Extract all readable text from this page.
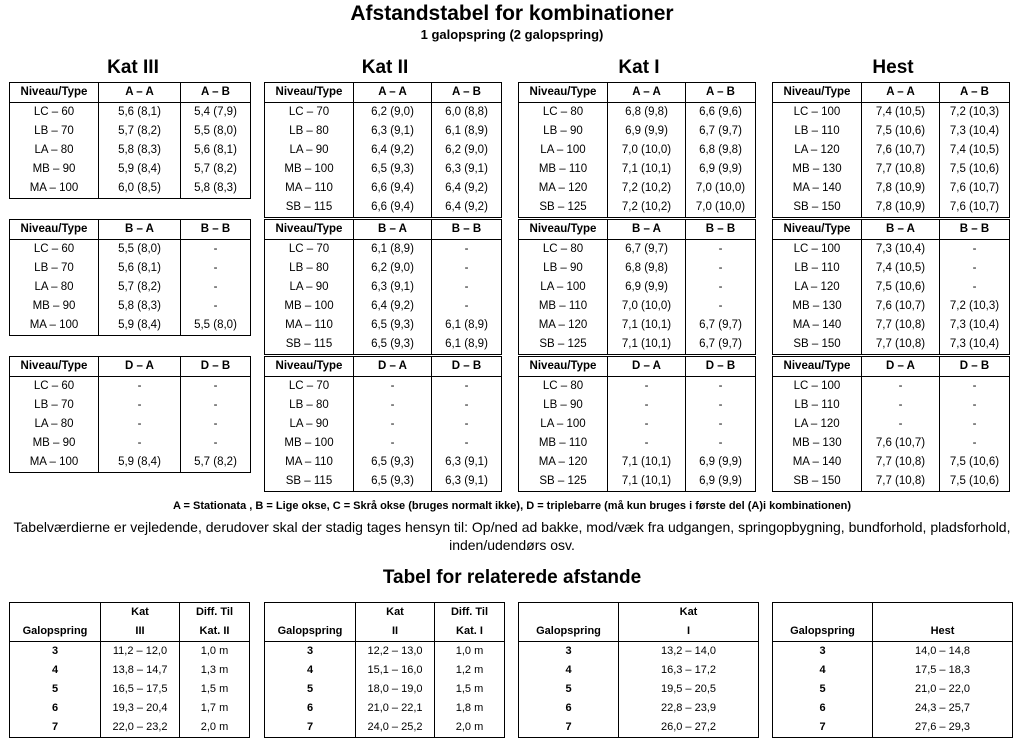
Afstandstabel for kombinationer
1 galopspring (2 galopspring)
Kat III	Kat II	Kat I	Hest
Niveau/Type	A – A	A – B
LC – 60	5,6 (8,1)	5,4 (7,9)
LB – 70	5,7 (8,2)	5,5 (8,0)
LA – 80	5,8 (8,3)	5,6 (8,1)
MB – 90	5,9 (8,4)	5,7 (8,2)
MA – 100	6,0 (8,5)	5,8 (8,3)
Niveau/Type	B – A	B – B
LC – 60	5,5 (8,0)	-
LB – 70	5,6 (8,1)	-
LA – 80	5,7 (8,2)	-
MB – 90	5,8 (8,3)	-
MA – 100	5,9 (8,4)	5,5 (8,0)
Niveau/Type	D – A	D – B
LC – 60	-	-
LB – 70	-	-
LA – 80	-	-
MB – 90	-	-
MA – 100	5,9 (8,4)	5,7 (8,2)
Niveau/Type	A – A	A – B
LC – 70	6,2 (9,0)	6,0 (8,8)
LB – 80	6,3 (9,1)	6,1 (8,9)
LA – 90	6,4 (9,2)	6,2 (9,0)
MB – 100	6,5 (9,3)	6,3 (9,1)
MA – 110	6,6 (9,4)	6,4 (9,2)
SB – 115	6,6 (9,4)	6,4 (9,2)
Niveau/Type	B – A	B – B
LC – 70	6,1 (8,9)	-
LB – 80	6,2 (9,0)	-
LA – 90	6,3 (9,1)	-
MB – 100	6,4 (9,2)	-
MA – 110	6,5 (9,3)	6,1 (8,9)
SB – 115	6,5 (9,3)	6,1 (8,9)
Niveau/Type	D – A	D – B
LC – 70	-	-
LB – 80	-	-
LA – 90	-	-
MB – 100	-	-
MA – 110	6,5 (9,3)	6,3 (9,1)
SB – 115	6,5 (9,3)	6,3 (9,1)
Niveau/Type	A – A	A – B
LC – 80	6,8 (9,8)	6,6 (9,6)
LB – 90	6,9 (9,9)	6,7 (9,7)
LA – 100	7,0 (10,0)	6,8 (9,8)
MB – 110	7,1 (10,1)	6,9 (9,9)
MA – 120	7,2 (10,2)	7,0 (10,0)
SB – 125	7,2 (10,2)	7,0 (10,0)
Niveau/Type	B – A	B – B
LC – 80	6,7 (9,7)	-
LB – 90	6,8 (9,8)	-
LA – 100	6,9 (9,9)	-
MB – 110	7,0 (10,0)	-
MA – 120	7,1 (10,1)	6,7 (9,7)
SB – 125	7,1 (10,1)	6,7 (9,7)
Niveau/Type	D – A	D – B
LC – 80	-	-
LB – 90	-	-
LA – 100	-	-
MB – 110	-	-
MA – 120	7,1 (10,1)	6,9 (9,9)
SB – 125	7,1 (10,1)	6,9 (9,9)
Niveau/Type	A – A	A – B
LC – 100	7,4 (10,5)	7,2 (10,3)
LB – 110	7,5 (10,6)	7,3 (10,4)
LA – 120	7,6 (10,7)	7,4 (10,5)
MB – 130	7,7 (10,8)	7,5 (10,6)
MA – 140	7,8 (10,9)	7,6 (10,7)
SB – 150	7,8 (10,9)	7,6 (10,7)
Niveau/Type	B – A	B – B
LC – 100	7,3 (10,4)	-
LB – 110	7,4 (10,5)	-
LA – 120	7,5 (10,6)	-
MB – 130	7,6 (10,7)	7,2 (10,3)
MA – 140	7,7 (10,8)	7,3 (10,4)
SB – 150	7,7 (10,8)	7,3 (10,4)
Niveau/Type	D – A	D – B
LC – 100	-	-
LB – 110	-	-
LA – 120	-	-
MB – 130	7,6 (10,7)	-
MA – 140	7,7 (10,8)	7,5 (10,6)
SB – 150	7,7 (10,8)	7,5 (10,6)
A = Stationata , B = Lige okse, C = Skrå okse (bruges normalt ikke), D = triplebarre (må kun bruges i første del (A)i kombinationen)
Tabelværdierne er vejledende, derudover skal der stadig tages hensyn til: Op/ned ad bakke, mod/væk fra udgangen, springopbygning, bundforhold, pladsforhold, inden/udendørs osv.
Tabel for relaterede afstande
	Kat	Diff. Til
Galopspring	III	Kat. II
3	11,2 – 12,0	1,0 m
4	13,8 – 14,7	1,3 m
5	16,5 – 17,5	1,5 m
6	19,3 – 20,4	1,7 m
7	22,0 – 23,2	2,0 m
	Kat	Diff. Til
Galopspring	II	Kat. I
3	12,2 – 13,0	1,0 m
4	15,1 – 16,0	1,2 m
5	18,0 – 19,0	1,5 m
6	21,0 – 22,1	1,8 m
7	24,0 – 25,2	2,0 m
	Kat
Galopspring	I
3	13,2 – 14,0
4	16,3 – 17,2
5	19,5 – 20,5
6	22,8 – 23,9
7	26,0 – 27,2

Galopspring	Hest
3	14,0 – 14,8
4	17,5 – 18,3
5	21,0 – 22,0
6	24,3 – 25,7
7	27,6 – 29,3
